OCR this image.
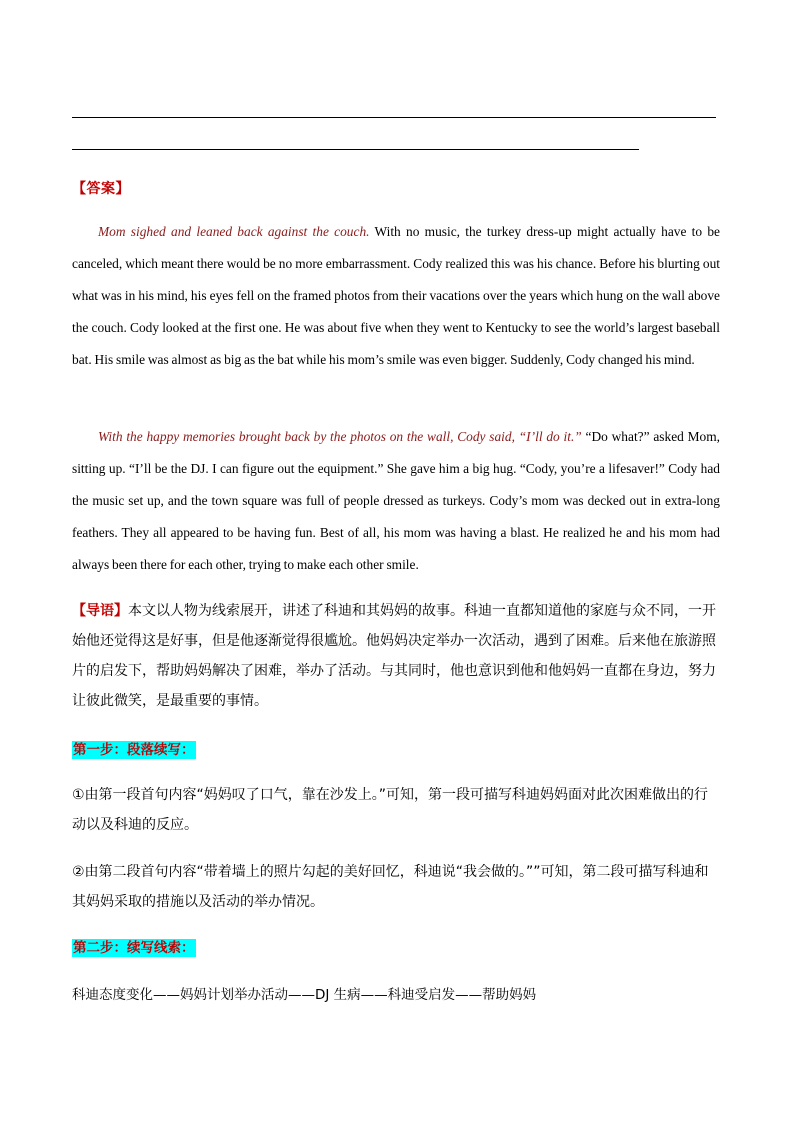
【答案】

Mom sighed and leaned back against the couch. With no music, the turkey dress-up might actually have to be canceled, which meant there would be no more embarrassment. Cody realized this was his chance. Before his blurting out what was in his mind, his eyes fell on the framed photos from their vacations over the years which hung on the wall above the couch. Cody looked at the first one. He was about five when they went to Kentucky to see the world’s largest baseball bat. His smile was almost as big as the bat while his mom’s smile was even bigger. Suddenly, Cody changed his mind.

With the happy memories brought back by the photos on the wall, Cody said, “I’ll do it.” “Do what?” asked Mom, sitting up. “I’ll be the DJ. I can figure out the equipment.” She gave him a big hug. “Cody, you’re a lifesaver!” Cody had the music set up, and the town square was full of people dressed as turkeys. Cody’s mom was decked out in extra-long feathers. They all appeared to be having fun. Best of all, his mom was having a blast. He realized he and his mom had always been there for each other, trying to make each other smile.

【导语】本文以人物为线索展开，讲述了科迪和其妈妈的故事。科迪一直都知道他的家庭与众不同，一开始他还觉得这是好事，但是他逐渐觉得很尴尬。他妈妈决定举办一次活动，遇到了困难。后来他在旅游照片的启发下，帮助妈妈解决了困难，举办了活动。与其同时，他也意识到他和他妈妈一直都在身边，努力让彼此微笑，是最重要的事情。

第一步：段落续写：

①由第一段首句内容“妈妈叹了口气，靠在沙发上。”可知，第一段可描写科迪妈妈面对此次困难做出的行动以及科迪的反应。

②由第二段首句内容“带着墙上的照片勾起的美好回忆，科迪说“我会做的。””可知，第二段可描写科迪和其妈妈采取的措施以及活动的举办情况。

第二步：续写线索：
科迪态度变化——妈妈计划举办活动——DJ 生病——科迪受启发——帮助妈妈
